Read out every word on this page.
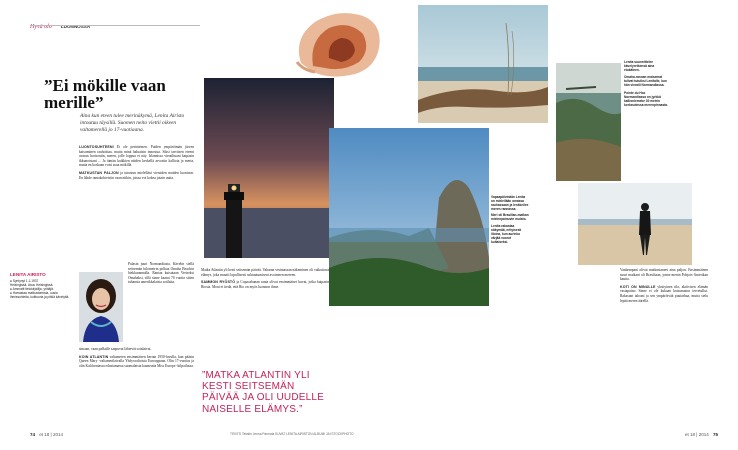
Hyvä olo LUONNOSSA
”Ei mökille vaan merille”
Aina kun eteen tulee merinäkymä, Lenita Airisto intoutuu täysillä. Suomen neito viettii oikeen valtamerellä jo 17-vuotiaana.

LUONTOSUHTEENI Ei ole perinteinen. Puiden ympäröimän järven katsominen rauhoittaa, mutta minä haluaisin innostua. Siksi tarvitsen eteeni avaran horisontin, meren, jolle loppua ei näy. Islannissa vierailtuani kaipasin ikkunoistani ... Ja tämän kaikkien näiden keskellä arvostin kalliota ja merta, mutta en koskaan voisi asua mökillä.

MATKUSTAN PALJON ja tutustun mielelläni vieraiden maiden luontoon. En lähde rantakohteisiin vaan niihin, joissa voi kokea jotain uutta.

LENITA AIRISTO
● Syntynyt 1.1.1937
Helsingissä. Asuu Helsingissä.
● Ammatti tietokirjailija, yrittäjä.
● Harrastaa matkustamista, uusia ihmissuhteita, kulttuuria ja pitkiä kävelyitä.

Palasin juuri Normandiasta. Kävelin siellä seitsemän kilometrin polkua Omaha Beachin hiekkarannalla. Rantaa kutsutaan Veriseksi Omahaksi, sillä sinne kaatui 70 vuotta sitten tuhansia amerikkalaisia sotilaita.

simaan, vaan palkalle saapuvat lähtevät sotalaivat.

KOIN ATLANTIN valtameren ensimmäisen kerran 1950-luvulla, kun pääsin Queen Mary -valtamerilaivalla Yhdysvaltoista Eurooppaan. Olin 17-vuotias ja olin Kaliforniassa edustamassa suomalaista kauneutta Miss Europe -kilpailussa.

Matka Atlantin yli kesti seitsemän päivää. Vaharan vesimassan näkeminen oli vaikuttava elämys, joka muutti lopullisesti suhtautumiseni avoimeen mereen.

SAMMON RYÖSTÖ ja Copacabanan ranta olivat ensimmäiset kuvat, jotka kaipasin Riosta. Moni ei tiedä, että Rio on myös luonnon ihme.

”MATKA ATLANTIN YLI KESTI SEITSEMÄN PÄIVÄÄ JA OLI UUDELLE NAISELLE ELÄMYS.”

Vapaapäivinään Lenita on mielellään omassa rauhassaan ja lenkkeilee meren rannassa.

Meri oli Brasilian-matkan mielenpainuvin muisto.

Lenita rakastaa näkymää, erityisesti illoina, kun aurinko värjää vuorot kultaiseksi.

Lenita suunnittelee kävelyretkensä aina etukäteen.

Omaha-rannan maisemat tulivat tutuiksi Lenitalle, kun hän vieraili Normandiassa.

Pointe du Hoc Normandiassa on jyrkkä kallioniemeke 30 metrin korkeudessa merenpinnasta.

Vanhempani olivat matkustaneet aina paljon. Ensimmäinen suuri matkani oli Brasiliaan, jonne menin Pohjois-Amerikan kautta.

KOTI ON MINULLE yksityinen tila, aktiivisen elämän vastapaino. Sinne ei ole kukaan kutsumaton tervetullut. Rakastan taloani ja sen ympäröivää puutarhaa, mutta sielu lepää meren äärellä.

74 et 18 | 2014	TEKSTI Tekstin Jenna Parmala KUVAT LENITA AIRISTON ALBUMI JA ISTOCKPHOTO	et 18 | 2014 75
